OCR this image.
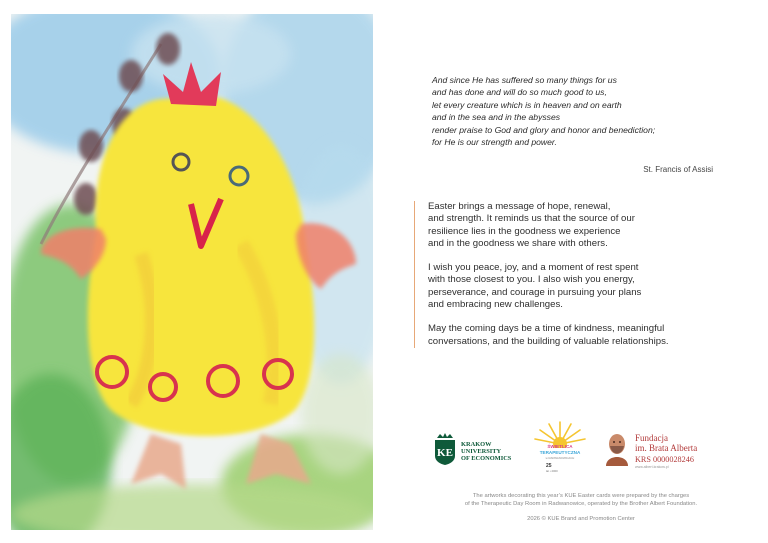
And since He has suffered so many things for us
and has done and will do so much good to us,
let every creature which is in heaven and on earth
and in the sea and in the abysses
render praise to God and glory and honor and benediction;
for He is our strength and power.
St. Francis of Assisi

Easter brings a message of hope, renewal,
and strength. It reminds us that the source of our
resilience lies in the goodness we experience
and in the goodness we share with others.

I wish you peace, joy, and a moment of rest spent
with those closest to you. I also wish you energy,
perseverance, and courage in pursuing your plans
and embracing new challenges.

May the coming days be a time of kindness, meaningful
conversations, and the building of valuable relationships.

KE
KRAKOW
UNIVERSITY
OF ECONOMICS
ŚWIETLICA
TERAPEUTYCZNA
w RADWANOWICACH
25
lat • 2000
Fundacja
im. Brata Alberta
KRS 0000028246
www.albert.krakow.pl
The artworks decorating this year’s KUE Easter cards were prepared by the charges
of the Therapeutic Day Room in Radwanowice, operated by the Brother Albert Foundation.
2026 © KUE Brand and Promotion Center
